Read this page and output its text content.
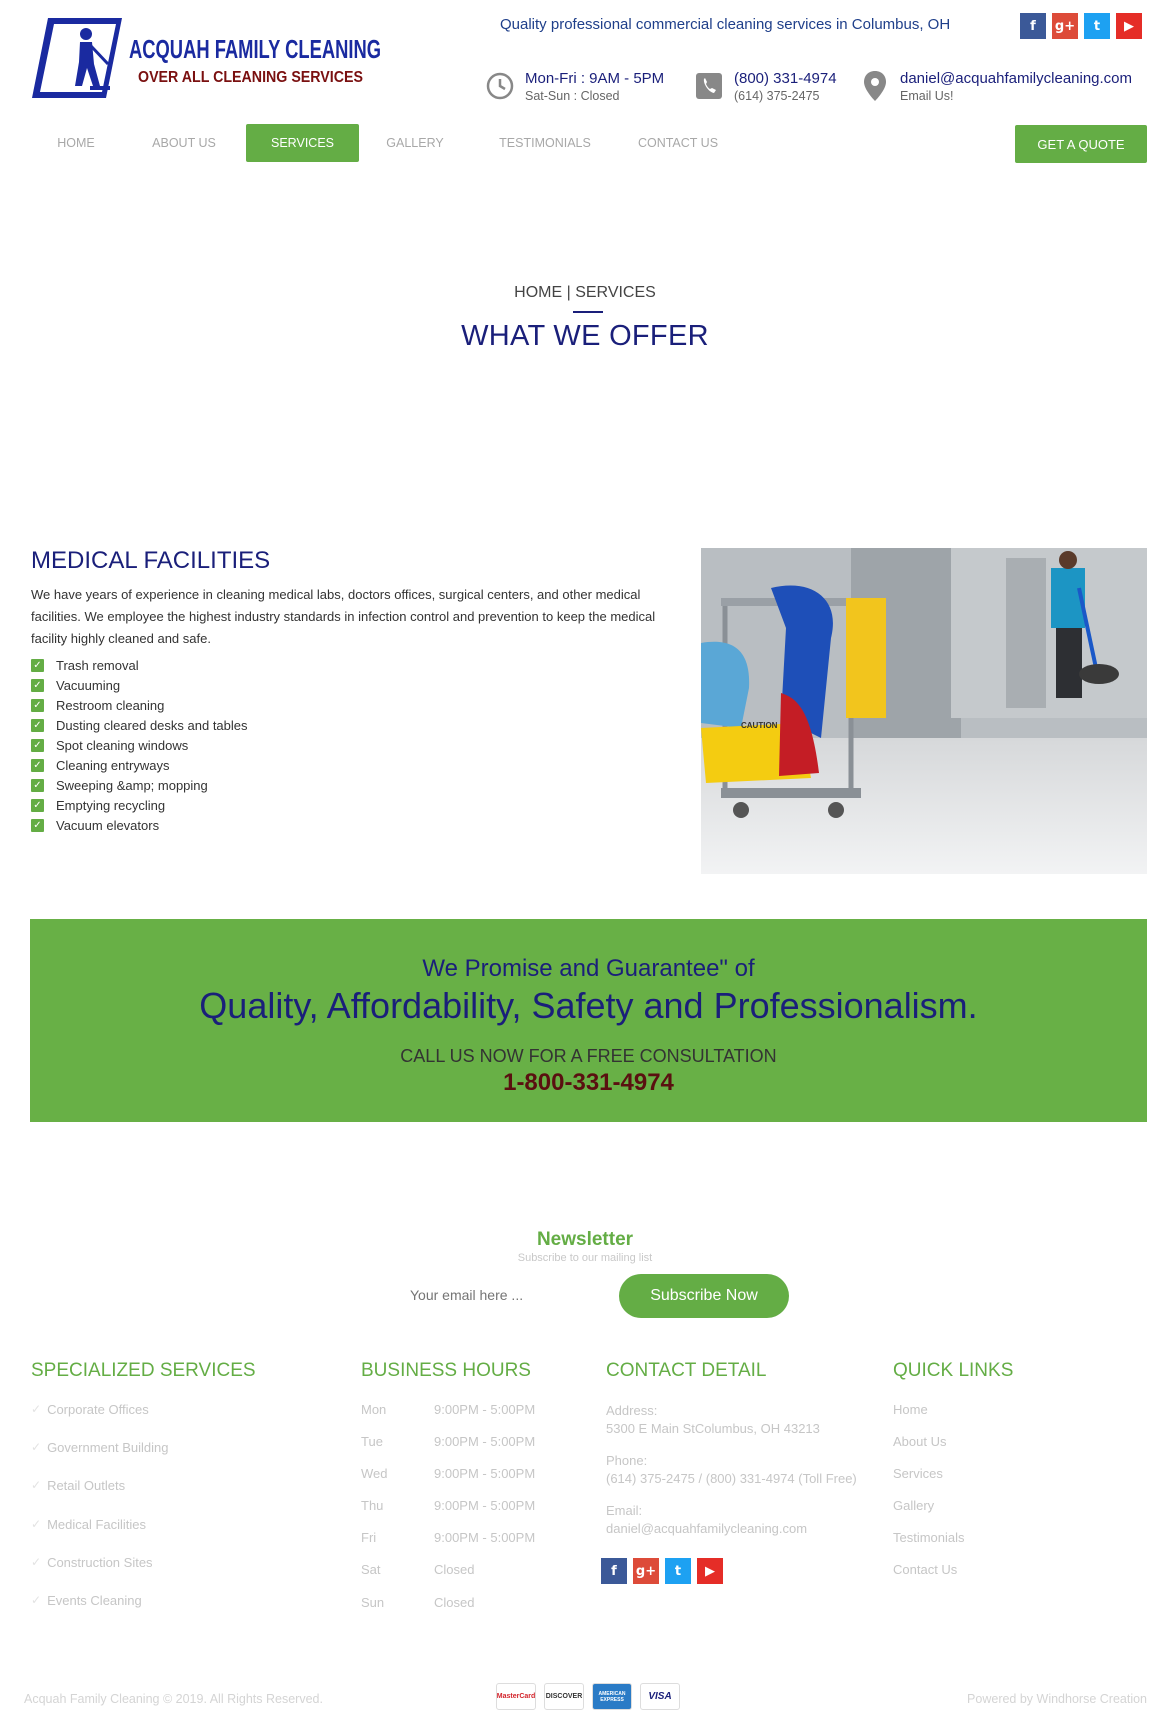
ACQUAH FAMILY CLEANING
OVER ALL CLEANING SERVICES
Quality professional commercial cleaning services in Columbus, OH	f	g+	t	▶
Mon-Fri : 9AM - 5PM
Sat-Sun : Closed
(800) 331-4974
(614) 375-2475
daniel@acquahfamilycleaning.com
Email Us!
HOME	ABOUT US	SERVICES	GALLERY	TESTIMONIALS	CONTACT US	GET A QUOTE
HOME | SERVICES
WHAT WE OFFER
MEDICAL FACILITIES

We have years of experience in cleaning medical labs, doctors offices, surgical centers, and other medical facilities. We employee the highest industry standards in infection control and prevention to keep the medical facility highly cleaned and safe.

✓ Trash removal
✓ Vacuuming
✓ Restroom cleaning
✓ Dusting cleared desks and tables
✓ Spot cleaning windows
✓ Cleaning entryways
✓ Sweeping &amp; mopping
✓ Emptying recycling
✓ Vacuum elevators
CAUTION
We Promise and Guarantee" of
Quality, Affordability, Safety and Professionalism.
CALL US NOW FOR A FREE CONSULTATION
1-800-331-4974
Newsletter
Subscribe to our mailing list
Your email here ...
Subscribe Now
SPECIALIZED SERVICES
✓ Corporate Offices
✓ Government Building
✓ Retail Outlets
✓ Medical Facilities
✓ Construction Sites
✓ Events Cleaning
BUSINESS HOURS
Mon	9:00PM - 5:00PM
Tue	9:00PM - 5:00PM
Wed	9:00PM - 5:00PM
Thu	9:00PM - 5:00PM
Fri	9:00PM - 5:00PM
Sat	Closed
Sun	Closed
CONTACT DETAIL
Address:
5300 E Main StColumbus, OH 43213
Phone:
(614) 375-2475 / (800) 331-4974 (Toll Free)
Email:
daniel@acquahfamilycleaning.com
f	g+	t	▶
QUICK LINKS
Home
About Us
Services
Gallery
Testimonials
Contact Us
Acquah Family Cleaning © 2019. All Rights Reserved.	MasterCard DISCOVER	AMERICAN EXPRESS	VISA	Powered by Windhorse Creation
